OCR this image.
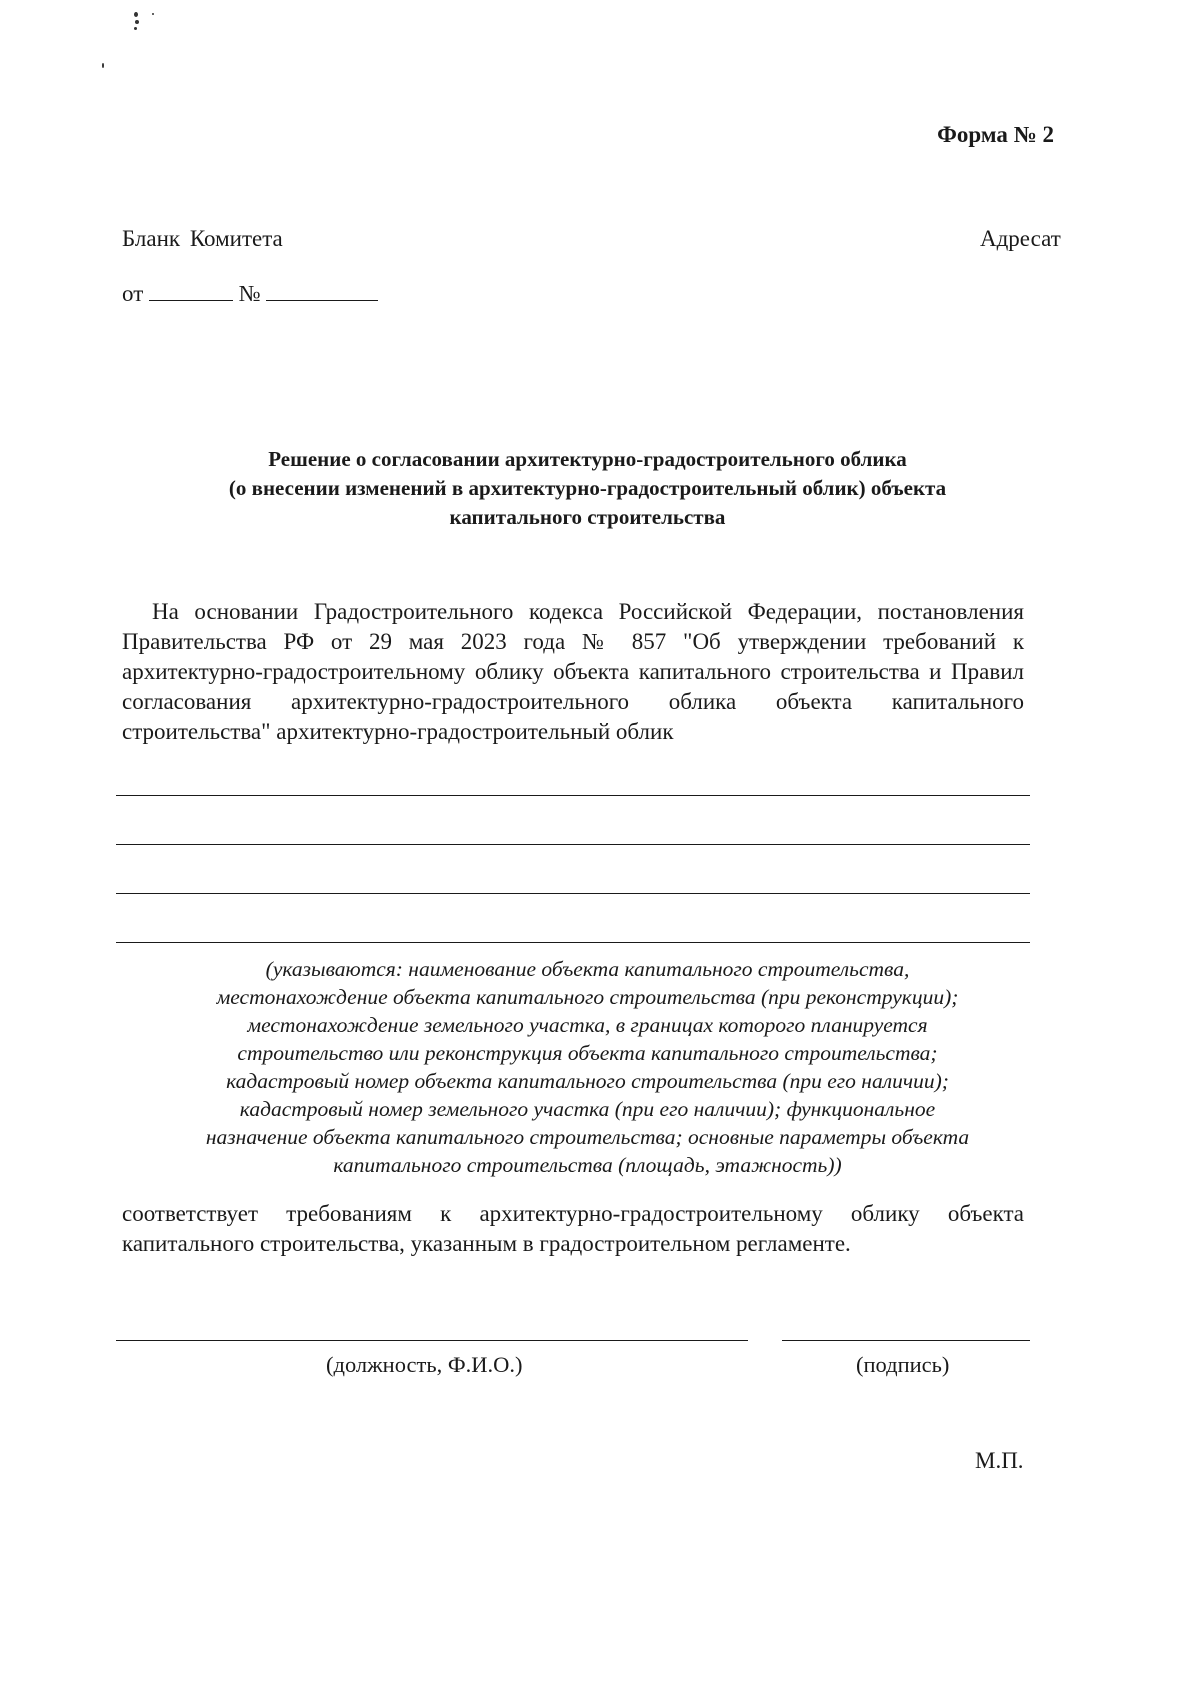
Форма № 2
Бланк Комитета	Адресат
от	№
Решение о согласовании архитектурно-градостроительного облика
(о внесении изменений в архитектурно-градостроительный облик) объекта
капитального строительства
На основании Градостроительного кодекса Российской Федерации, постановления Правительства РФ от 29 мая 2023 года № 857 "Об утверждении требований к архитектурно-градостроительному облику объекта капитального строительства и Правил согласования архитектурно-градостроительного облика объекта капитального строительства" архитектурно-градостроительный облик
(указываются: наименование объекта капитального строительства,
местонахождение объекта капитального строительства (при реконструкции);
местонахождение земельного участка, в границах которого планируется
строительство или реконструкция объекта капитального строительства;
кадастровый номер объекта капитального строительства (при его наличии);
кадастровый номер земельного участка (при его наличии); функциональное
назначение объекта капитального строительства; основные параметры объекта
капитального строительства (площадь, этажность))
соответствует требованиям к архитектурно-градостроительному облику объекта капитального строительства, указанным в градостроительном регламенте.
(должность, Ф.И.О.)	(подпись)
М.П.
